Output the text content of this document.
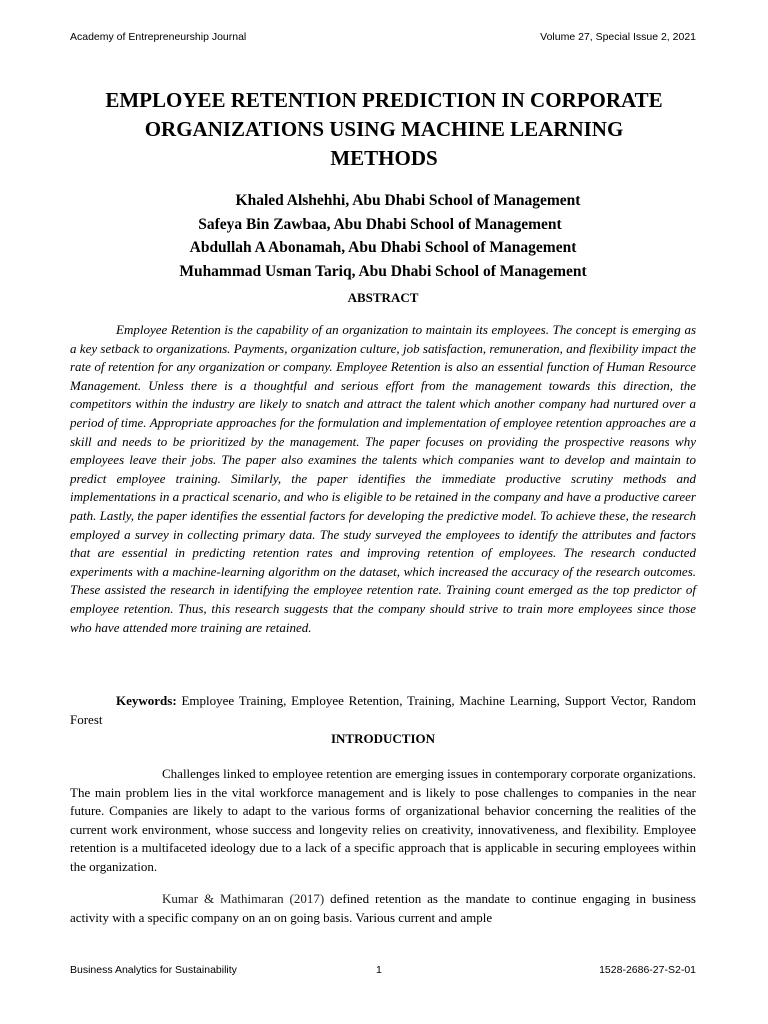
Academy of Entrepreneurship Journal	Volume 27, Special Issue 2, 2021
EMPLOYEE RETENTION PREDICTION IN CORPORATE
ORGANIZATIONS USING MACHINE LEARNING
METHODS
Khaled Alshehhi, Abu Dhabi School of Management
Safeya Bin Zawbaa, Abu Dhabi School of Management
Abdullah A Abonamah, Abu Dhabi School of Management
Muhammad Usman Tariq, Abu Dhabi School of Management
ABSTRACT

Employee Retention is the capability of an organization to maintain its employees. The concept is emerging as a key setback to organizations. Payments, organization culture, job satisfaction, remuneration, and flexibility impact the rate of retention for any organization or company. Employee Retention is also an essential function of Human Resource Management. Unless there is a thoughtful and serious effort from the management towards this direction, the competitors within the industry are likely to snatch and attract the talent which another company had nurtured over a period of time. Appropriate approaches for the formulation and implementation of employee retention approaches are a skill and needs to be prioritized by the management. The paper focuses on providing the prospective reasons why employees leave their jobs. The paper also examines the talents which companies want to develop and maintain to predict employee training. Similarly, the paper identifies the immediate productive scrutiny methods and implementations in a practical scenario, and who is eligible to be retained in the company and have a productive career path. Lastly, the paper identifies the essential factors for developing the predictive model. To achieve these, the research employed a survey in collecting primary data. The study surveyed the employees to identify the attributes and factors that are essential in predicting retention rates and improving retention of employees. The research conducted experiments with a machine-learning algorithm on the dataset, which increased the accuracy of the research outcomes. These assisted the research in identifying the employee retention rate. Training count emerged as the top predictor of employee retention. Thus, this research suggests that the company should strive to train more employees since those who have attended more training are retained.

Keywords: Employee Training, Employee Retention, Training, Machine Learning, Support Vector, Random Forest

INTRODUCTION

Challenges linked to employee retention are emerging issues in contemporary corporate organizations. The main problem lies in the vital workforce management and is likely to pose challenges to companies in the near future. Companies are likely to adapt to the various forms of organizational behavior concerning the realities of the current work environment, whose success and longevity relies on creativity, innovativeness, and flexibility. Employee retention is a multifaceted ideology due to a lack of a specific approach that is applicable in securing employees within the organization.

Kumar & Mathimaran (2017) defined retention as the mandate to continue engaging in business activity with a specific company on an on going basis. Various current and ample

Business Analytics for Sustainability	1	1528-2686-27-S2-01
